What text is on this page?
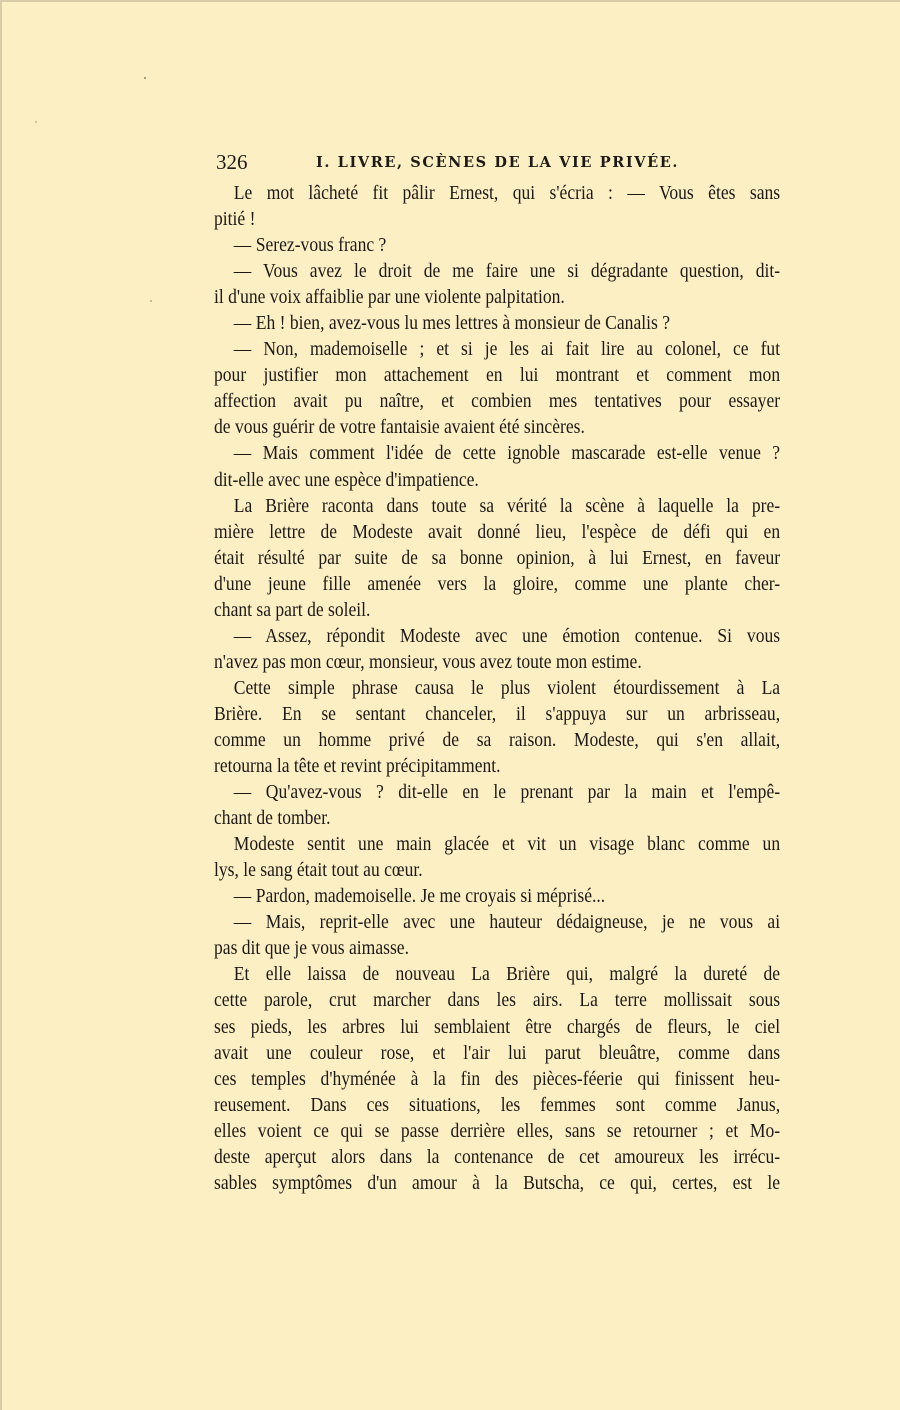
326	I. LIVRE, SCÈNES DE LA VIE PRIVÉE.
Le mot lâcheté fit pâlir Ernest, qui s'écria : — Vous êtes sans
pitié !
— Serez-vous franc ?
— Vous avez le droit de me faire une si dégradante question, dit-
il d'une voix affaiblie par une violente palpitation.
— Eh ! bien, avez-vous lu mes lettres à monsieur de Canalis ?
— Non, mademoiselle ; et si je les ai fait lire au colonel, ce fut
pour justifier mon attachement en lui montrant et comment mon
affection avait pu naître, et combien mes tentatives pour essayer
de vous guérir de votre fantaisie avaient été sincères.
— Mais comment l'idée de cette ignoble mascarade est-elle venue ?
dit-elle avec une espèce d'impatience.
La Brière raconta dans toute sa vérité la scène à laquelle la pre-
mière lettre de Modeste avait donné lieu, l'espèce de défi qui en
était résulté par suite de sa bonne opinion, à lui Ernest, en faveur
d'une jeune fille amenée vers la gloire, comme une plante cher-
chant sa part de soleil.
— Assez, répondit Modeste avec une émotion contenue. Si vous
n'avez pas mon cœur, monsieur, vous avez toute mon estime.
Cette simple phrase causa le plus violent étourdissement à La
Brière. En se sentant chanceler, il s'appuya sur un arbrisseau,
comme un homme privé de sa raison. Modeste, qui s'en allait,
retourna la tête et revint précipitamment.
— Qu'avez-vous ? dit-elle en le prenant par la main et l'empê-
chant de tomber.
Modeste sentit une main glacée et vit un visage blanc comme un
lys, le sang était tout au cœur.
— Pardon, mademoiselle. Je me croyais si méprisé...
— Mais, reprit-elle avec une hauteur dédaigneuse, je ne vous ai
pas dit que je vous aimasse.
Et elle laissa de nouveau La Brière qui, malgré la dureté de
cette parole, crut marcher dans les airs. La terre mollissait sous
ses pieds, les arbres lui semblaient être chargés de fleurs, le ciel
avait une couleur rose, et l'air lui parut bleuâtre, comme dans
ces temples d'hyménée à la fin des pièces-féerie qui finissent heu-
reusement. Dans ces situations, les femmes sont comme Janus,
elles voient ce qui se passe derrière elles, sans se retourner ; et Mo-
deste aperçut alors dans la contenance de cet amoureux les irrécu-
sables symptômes d'un amour à la Butscha, ce qui, certes, est le
